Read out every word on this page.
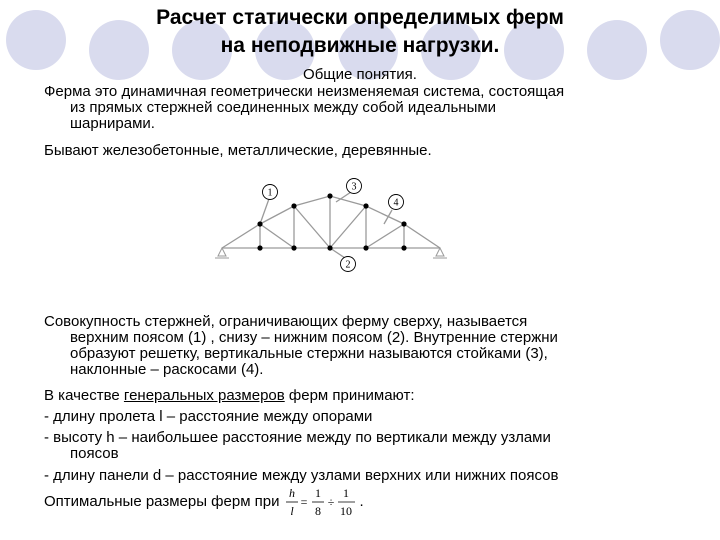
Расчет статически определимых ферм
на неподвижные нагрузки.
Общие понятия.
Ферма это динамичная геометрически неизменяемая система, состоящая
из прямых стержней соединенных между собой идеальными
шарнирами.
Бывают железобетонные, металлические, деревянные.
1
3
4
2
Совокупность стержней, ограничивающих ферму сверху, называется
верхним поясом (1) , снизу – нижним поясом (2). Внутренние стержни
образуют решетку, вертикальные стержни называются стойками (3),
наклонные – раскосами (4).
В качестве генеральных размеров ферм принимают:
- длину пролета l – расстояние между опорами
- высоту h – наибольшее расстояние между по вертикали между узлами
поясов
- длину панели d – расстояние между узлами верхних или нижних поясов
Оптимальные размеры ферм при h
l
=
1
8
÷
1
10
.
